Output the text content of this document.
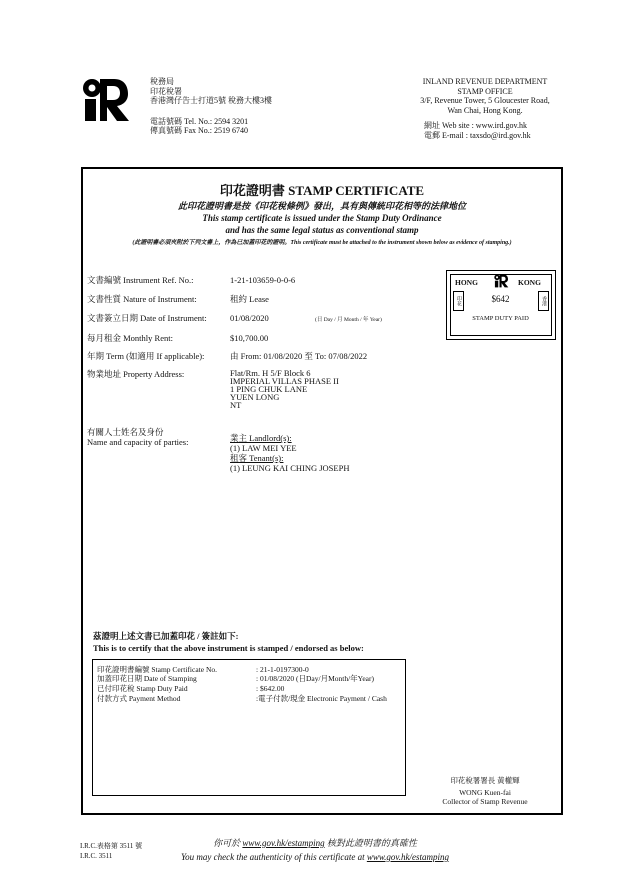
稅務局
印花稅署
香港灣仔告士打道5號 稅務大樓3樓
電話號碼 Tel. No.: 2594 3201
傳真號碼 Fax No.: 2519 6740
INLAND REVENUE DEPARTMENT
STAMP OFFICE
3/F, Revenue Tower, 5 Gloucester Road,
Wan Chai, Hong Kong.
網址 Web site : www.ird.gov.hk
電郵 E-mail : taxsdo@ird.gov.hk
印花證明書 STAMP CERTIFICATE
此印花證明書是按《印花稅條例》發出，具有與傳統印花相等的法律地位
This stamp certificate is issued under the Stamp Duty Ordinance
and has the same legal status as conventional stamp
(此證明書必須夾附於下列文書上，作為已加蓋印花的證明。This certificate must be attached to the instrument shown below as evidence of stamping.)
文書編號 Instrument Ref. No.:	1-21-103659-0-0-6
文書性質 Nature of Instrument:	租約 Lease
文書簽立日期 Date of Instrument:	01/08/2020	(日 Day / 月 Month / 年 Year)
每月租金 Monthly Rent:	$10,700.00
年期 Term (如適用 If applicable):	由 From: 01/08/2020 至 To: 07/08/2022
物業地址 Property Address:	Flat/Rm. H 5/F Block 6
IMPERIAL VILLAS PHASE II
1 PING CHUK LANE
YUEN LONG
NT
有關人士姓名及身份
Name and capacity of parties:	業主 Landlord(s):
(1) LAW MEI YEE
租客 Tenant(s):
(1) LEUNG KAI CHING JOSEPH
HONG	KONG
印花	$642	香港
STAMP DUTY PAID
茲證明上述文書已加蓋印花 / 簽註如下:
This is to certify that the above instrument is stamped / endorsed as below:
印花證明書編號 Stamp Certificate No.	: 21-1-0197300-0
加蓋印花日期 Date of Stamping	: 01/08/2020 (日Day/月Month/年Year)
已付印花稅 Stamp Duty Paid	: $642.00
付款方式 Payment Method	:電子付款/現金 Electronic Payment / Cash
印花稅署署長 黃權輝
WONG Kuen-fai
Collector of Stamp Revenue
I.R.C.表格第 3511 號
I.R.C. 3511
你可於 www.gov.hk/estamping 核對此證明書的真確性
You may check the authenticity of this certificate at www.gov.hk/estamping
